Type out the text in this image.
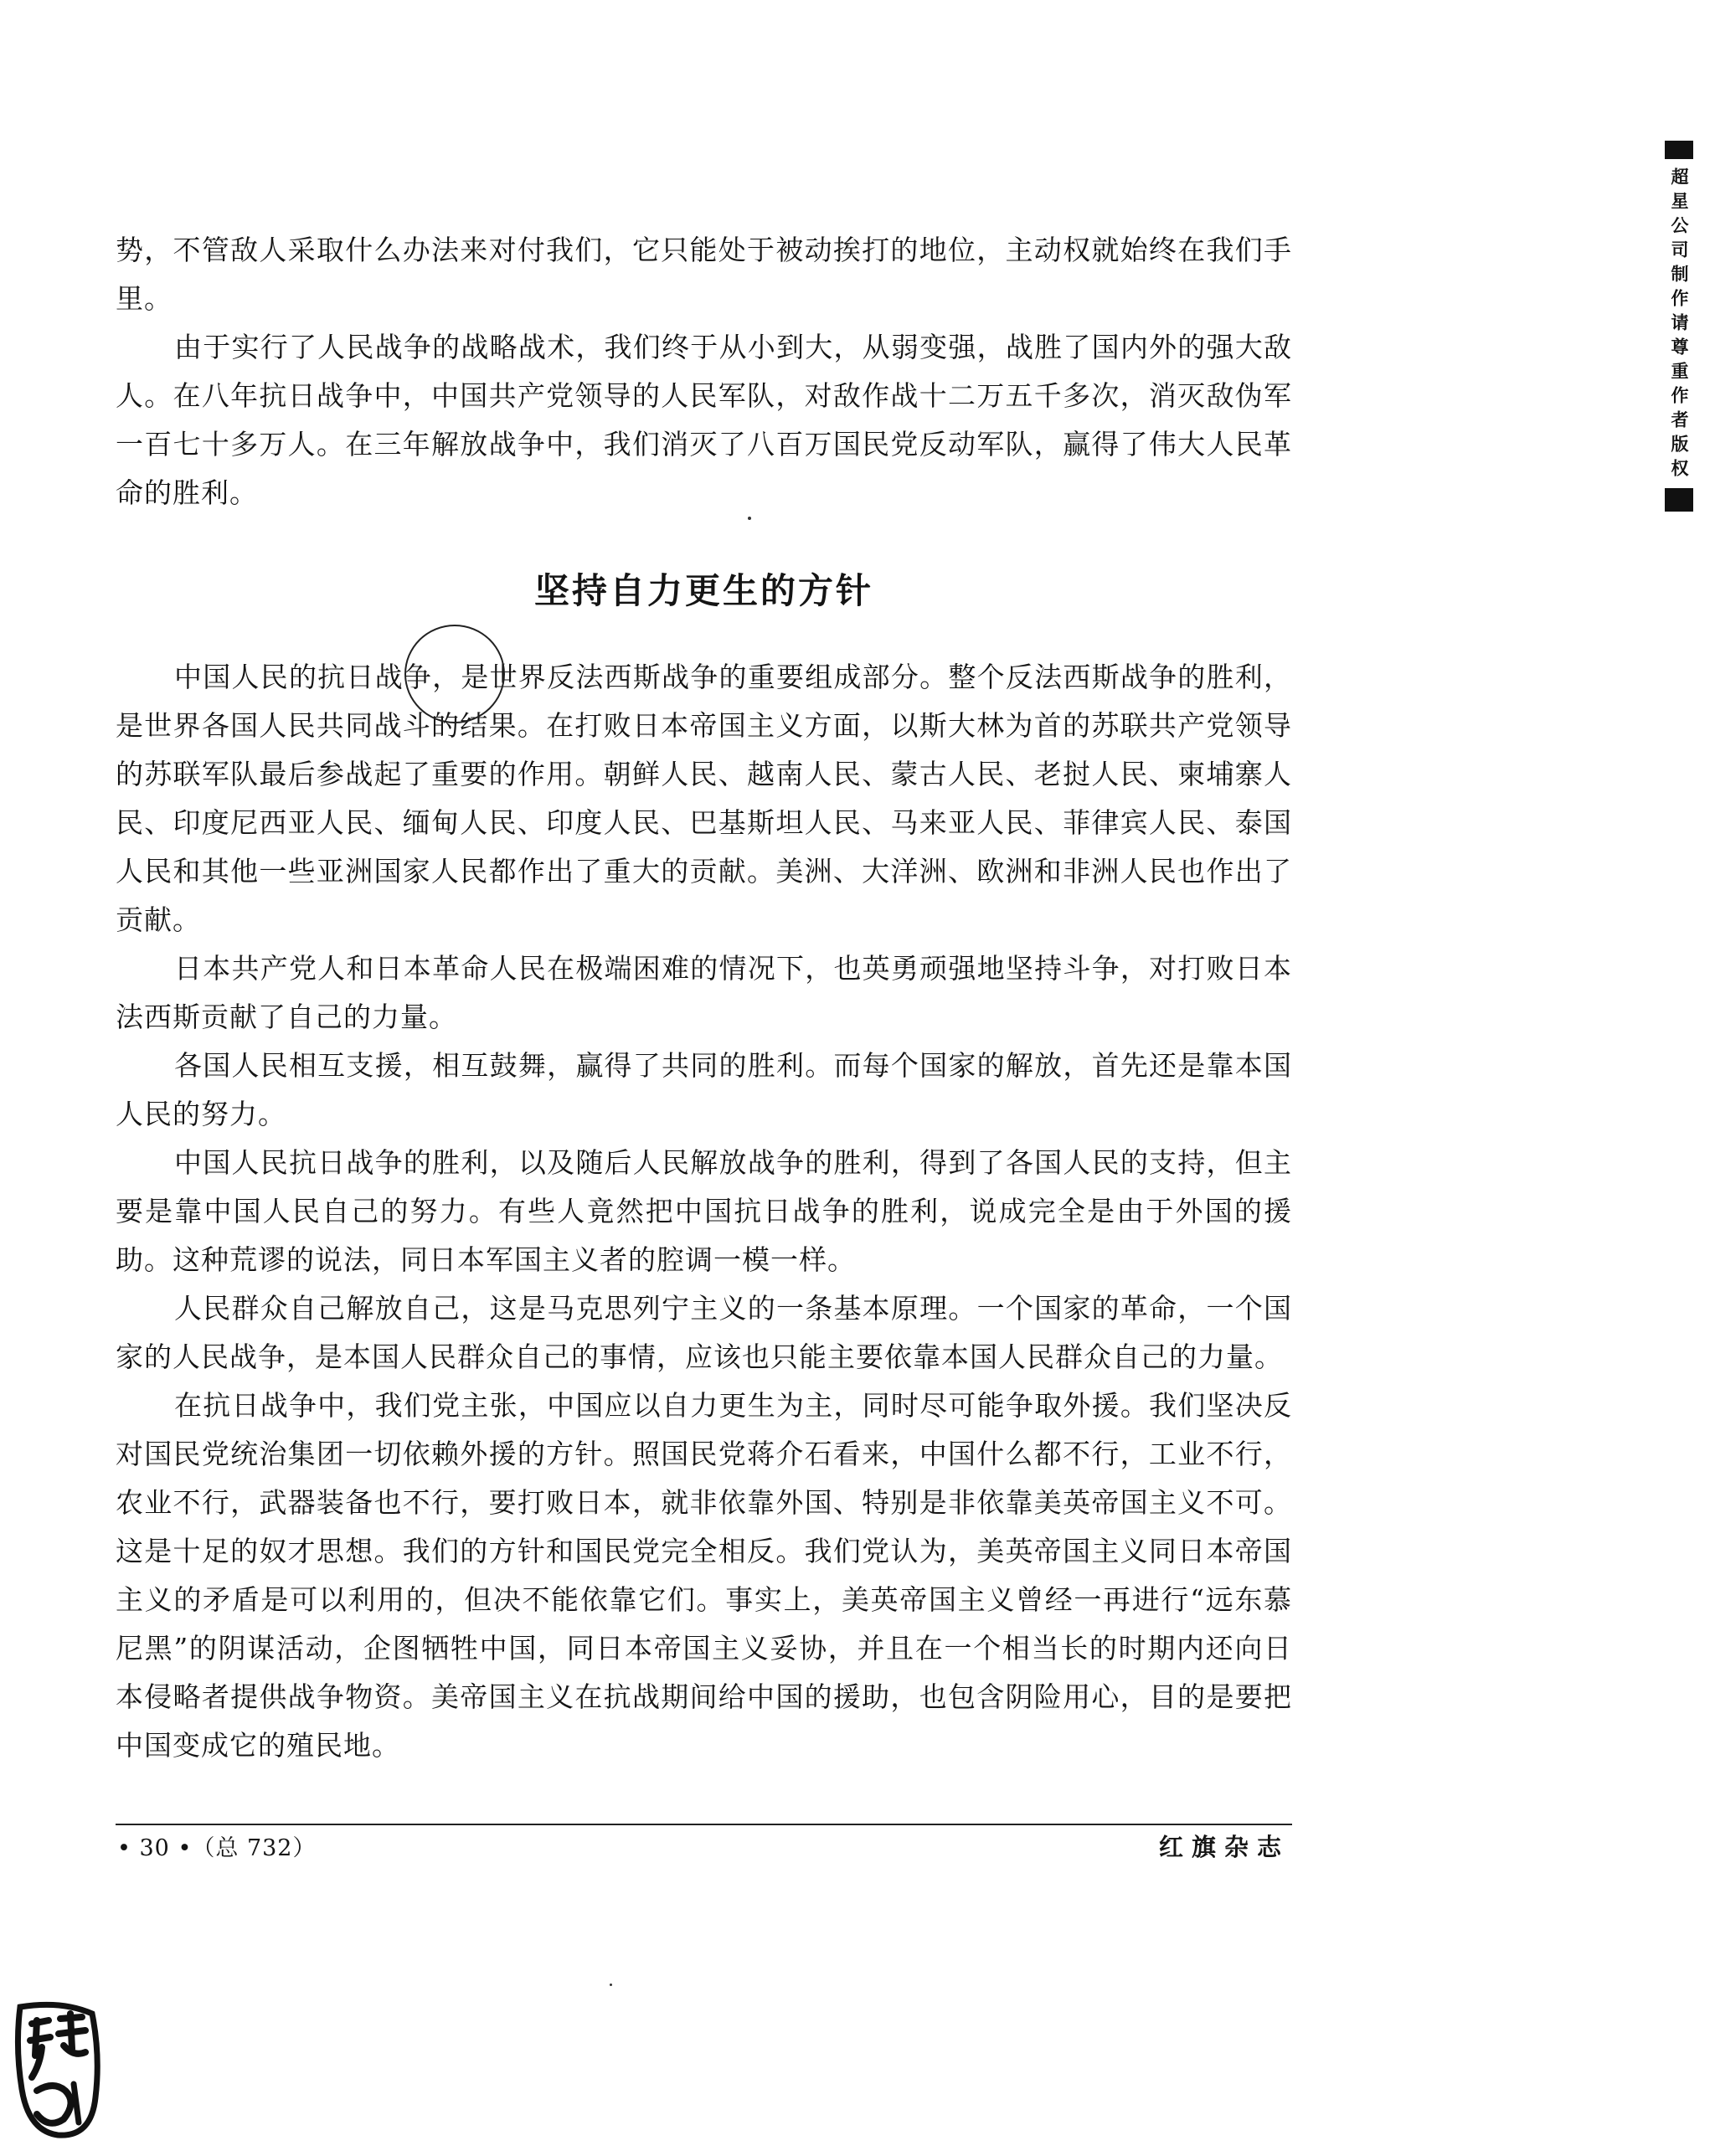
势，不管敌人采取什么办法来对付我们，它只能处于被动挨打的地位，主动权就始终在我们手里。

由于实行了人民战争的战略战术，我们终于从小到大，从弱变强，战胜了国内外的强大敌人。在八年抗日战争中，中国共产党领导的人民军队，对敌作战十二万五千多次，消灭敌伪军一百七十多万人。在三年解放战争中，我们消灭了八百万国民党反动军队，赢得了伟大人民革命的胜利。

坚持自力更生的方针

中国人民的抗日战争，是世界反法西斯战争的重要组成部分。整个反法西斯战争的胜利，是世界各国人民共同战斗的结果。在打败日本帝国主义方面，以斯大林为首的苏联共产党领导的苏联军队最后参战起了重要的作用。朝鲜人民、越南人民、蒙古人民、老挝人民、柬埔寨人民、印度尼西亚人民、缅甸人民、印度人民、巴基斯坦人民、马来亚人民、菲律宾人民、泰国人民和其他一些亚洲国家人民都作出了重大的贡献。美洲、大洋洲、欧洲和非洲人民也作出了贡献。

日本共产党人和日本革命人民在极端困难的情况下，也英勇顽强地坚持斗争，对打败日本法西斯贡献了自己的力量。

各国人民相互支援，相互鼓舞，赢得了共同的胜利。而每个国家的解放，首先还是靠本国人民的努力。

中国人民抗日战争的胜利，以及随后人民解放战争的胜利，得到了各国人民的支持，但主要是靠中国人民自己的努力。有些人竟然把中国抗日战争的胜利，说成完全是由于外国的援助。这种荒谬的说法，同日本军国主义者的腔调一模一样。

人民群众自己解放自己，这是马克思列宁主义的一条基本原理。一个国家的革命，一个国家的人民战争，是本国人民群众自己的事情，应该也只能主要依靠本国人民群众自己的力量。

在抗日战争中，我们党主张，中国应以自力更生为主，同时尽可能争取外援。我们坚决反对国民党统治集团一切依赖外援的方针。照国民党蒋介石看来，中国什么都不行，工业不行，农业不行，武器装备也不行，要打败日本，就非依靠外国、特别是非依靠美英帝国主义不可。这是十足的奴才思想。我们的方针和国民党完全相反。我们党认为，美英帝国主义同日本帝国主义的矛盾是可以利用的，但决不能依靠它们。事实上，美英帝国主义曾经一再进行“远东慕尼黑”的阴谋活动，企图牺牲中国，同日本帝国主义妥协，并且在一个相当长的时期内还向日本侵略者提供战争物资。美帝国主义在抗战期间给中国的援助，也包含阴险用心，目的是要把中国变成它的殖民地。

• 30 •（总 732）	红旗杂志
超星公司制作请尊重作者版权
